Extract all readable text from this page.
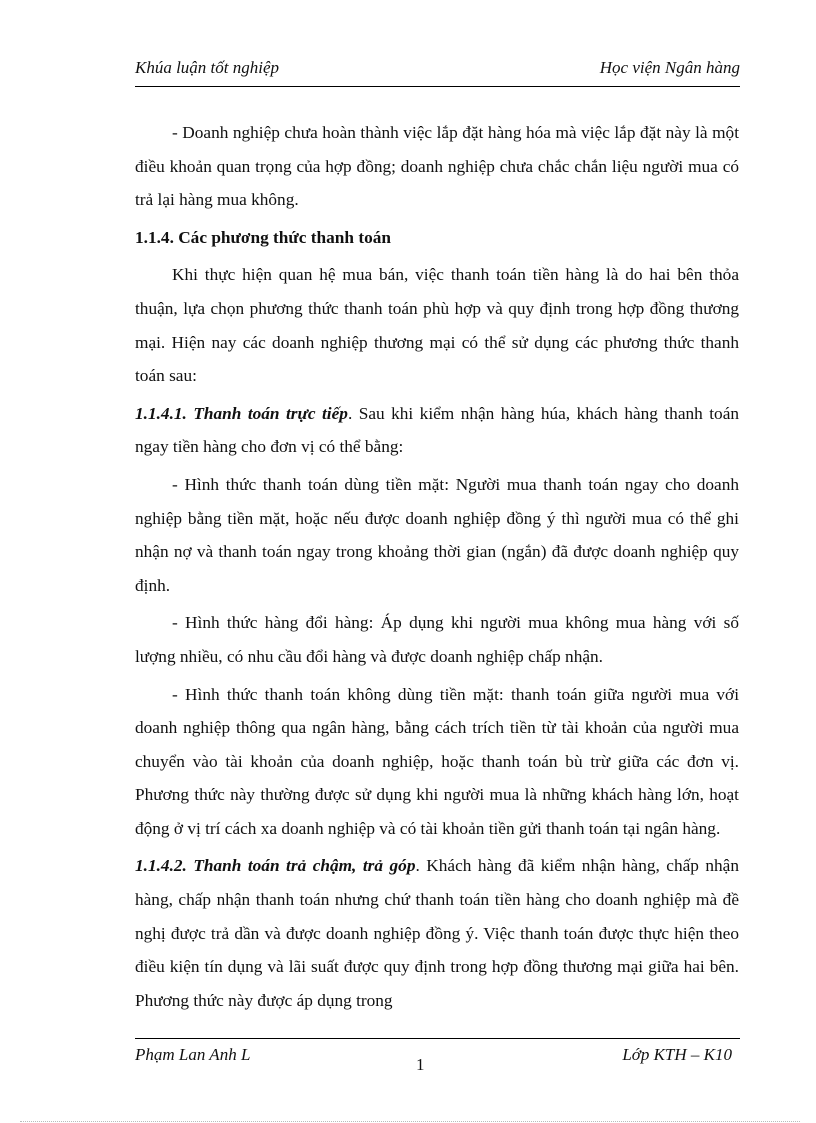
Khúa luận tốt nghiệp	Học viện Ngân hàng

- Doanh nghiệp chưa hoàn thành việc lắp đặt hàng hóa mà việc lắp đặt này là một điều khoản quan trọng của hợp đồng; doanh nghiệp chưa chắc chắn liệu người mua có trả lại hàng mua không.

1.1.4. Các phương thức thanh toán

Khi thực hiện quan hệ mua bán, việc thanh toán tiền hàng là do hai bên thỏa thuận, lựa chọn phương thức thanh toán phù hợp và quy định trong hợp đồng thương mại. Hiện nay các doanh nghiệp thương mại có thể sử dụng các phương thức thanh toán sau:

1.1.4.1. Thanh toán trực tiếp. Sau khi kiểm nhận hàng húa, khách hàng thanh toán ngay tiền hàng cho đơn vị có thể bằng:

- Hình thức thanh toán dùng tiền mặt: Người mua thanh toán ngay cho doanh nghiệp bằng tiền mặt, hoặc nếu được doanh nghiệp đồng ý thì người mua có thể ghi nhận nợ và thanh toán ngay trong khoảng thời gian (ngắn) đã được doanh nghiệp quy định.

- Hình thức hàng đổi hàng: Áp dụng khi người mua không mua hàng với số lượng nhiều, có nhu cầu đổi hàng và được doanh nghiệp chấp nhận.

- Hình thức thanh toán không dùng tiền mặt: thanh toán giữa người mua với doanh nghiệp thông qua ngân hàng, bằng cách trích tiền từ tài khoản của người mua chuyển vào tài khoản của doanh nghiệp, hoặc thanh toán bù trừ giữa các đơn vị. Phương thức này thường được sử dụng khi người mua là những khách hàng lớn, hoạt động ở vị trí cách xa doanh nghiệp và có tài khoản tiền gửi thanh toán tại ngân hàng.

1.1.4.2. Thanh toán trả chậm, trả góp. Khách hàng đã kiểm nhận hàng, chấp nhận hàng, chấp nhận thanh toán nhưng chứ thanh toán tiền hàng cho doanh nghiệp mà đề nghị được trả dần và được doanh nghiệp đồng ý. Việc thanh toán được thực hiện theo điều kiện tín dụng và lãi suất được quy định trong hợp đồng thương mại giữa hai bên. Phương thức này được áp dụng trong

Phạm Lan Anh L
1
Lớp KTH – K10
